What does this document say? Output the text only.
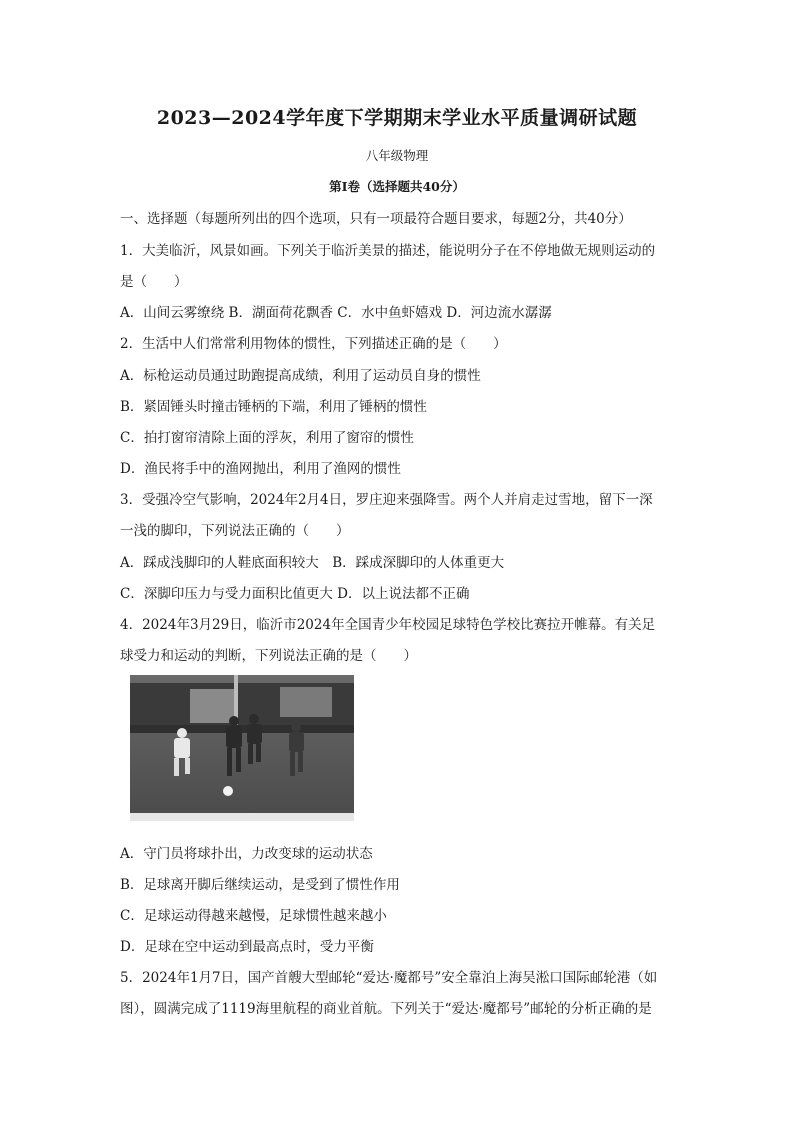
2023—2024学年度下学期期末学业水平质量调研试题
八年级物理
第Ⅰ卷（选择题共40分）
一、选择题（每题所列出的四个选项，只有一项最符合题目要求，每题2分，共40分）
1．大美临沂，风景如画。下列关于临沂美景的描述，能说明分子在不停地做无规则运动的
是（　　）
A．山间云雾缭绕 B．湖面荷花飘香 C．水中鱼虾嬉戏 D．河边流水潺潺
2．生活中人们常常利用物体的惯性，下列描述正确的是（　　）
A．标枪运动员通过助跑提高成绩，利用了运动员自身的惯性
B．紧固锤头时撞击锤柄的下端，利用了锤柄的惯性
C．拍打窗帘清除上面的浮灰，利用了窗帘的惯性
D．渔民将手中的渔网抛出，利用了渔网的惯性
3．受强冷空气影响，2024年2月4日，罗庄迎来强降雪。两个人并肩走过雪地，留下一深
一浅的脚印，下列说法正确的（　　）
A．踩成浅脚印的人鞋底面积较大　B．踩成深脚印的人体重更大
C．深脚印压力与受力面积比值更大 D．以上说法都不正确
4．2024年3月29日，临沂市2024年全国青少年校园足球特色学校比赛拉开帷幕。有关足
球受力和运动的判断，下列说法正确的是（　　）
A．守门员将球扑出，力改变球的运动状态
B．足球离开脚后继续运动，是受到了惯性作用
C．足球运动得越来越慢，足球惯性越来越小
D．足球在空中运动到最高点时，受力平衡
5．2024年1月7日，国产首艘大型邮轮“爱达·魔都号”安全靠泊上海吴淞口国际邮轮港（如
图），圆满完成了1119海里航程的商业首航。下列关于“爱达·魔都号”邮轮的分析正确的是
